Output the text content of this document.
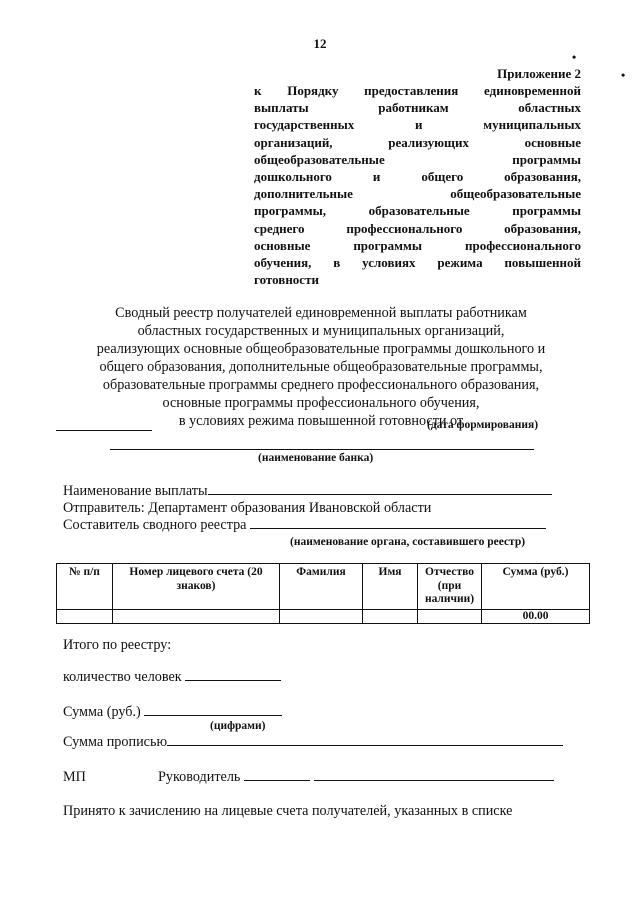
12
•
•
Приложение 2
к Порядку предоставления единовременной
выплаты работникам областных
государственных и муниципальных
организаций, реализующих основные
общеобразовательные программы
дошкольного и общего образования,
дополнительные общеобразовательные
программы, образовательные программы
среднего профессионального образования,
основные программы профессионального
обучения, в условиях режима повышенной
готовности
Сводный реестр получателей единовременной выплаты работникам
областных государственных и муниципальных организаций,
реализующих основные общеобразовательные программы дошкольного и
общего образования, дополнительные общеобразовательные программы,
образовательные программы среднего профессионального образования,
основные программы профессионального обучения,
в условиях режима повышенной готовности от
(дата формирования)
(наименование банка)
Наименование выплаты
Отправитель: Департамент образования Ивановской области
Составитель сводного реестра
(наименование органа, составившего реестр)
№ п/п	Номер лицевого счета (20 знаков)	Фамилия	Имя	Отчество (при наличии)	Сумма (руб.)
					00.00
Итого по реестру:
количество человек
Сумма (руб.)
(цифрами)
Сумма прописью
МП	Руководитель
Принято к зачислению на лицевые счета получателей, указанных в списке
